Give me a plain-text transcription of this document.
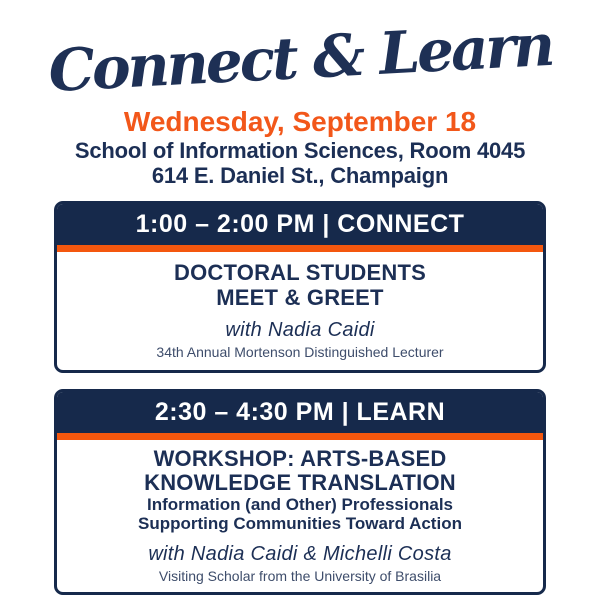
Connect & Learn
Wednesday, September 18
School of Information Sciences, Room 4045
614 E. Daniel St., Champaign
1:00 – 2:00 PM | CONNECT
DOCTORAL STUDENTS
MEET & GREET
with Nadia Caidi
34th Annual Mortenson Distinguished Lecturer
2:30 – 4:30 PM | LEARN
WORKSHOP: ARTS-BASED
KNOWLEDGE TRANSLATION
Information (and Other) Professionals
Supporting Communities Toward Action
with Nadia Caidi & Michelli Costa
Visiting Scholar from the University of Brasilia
